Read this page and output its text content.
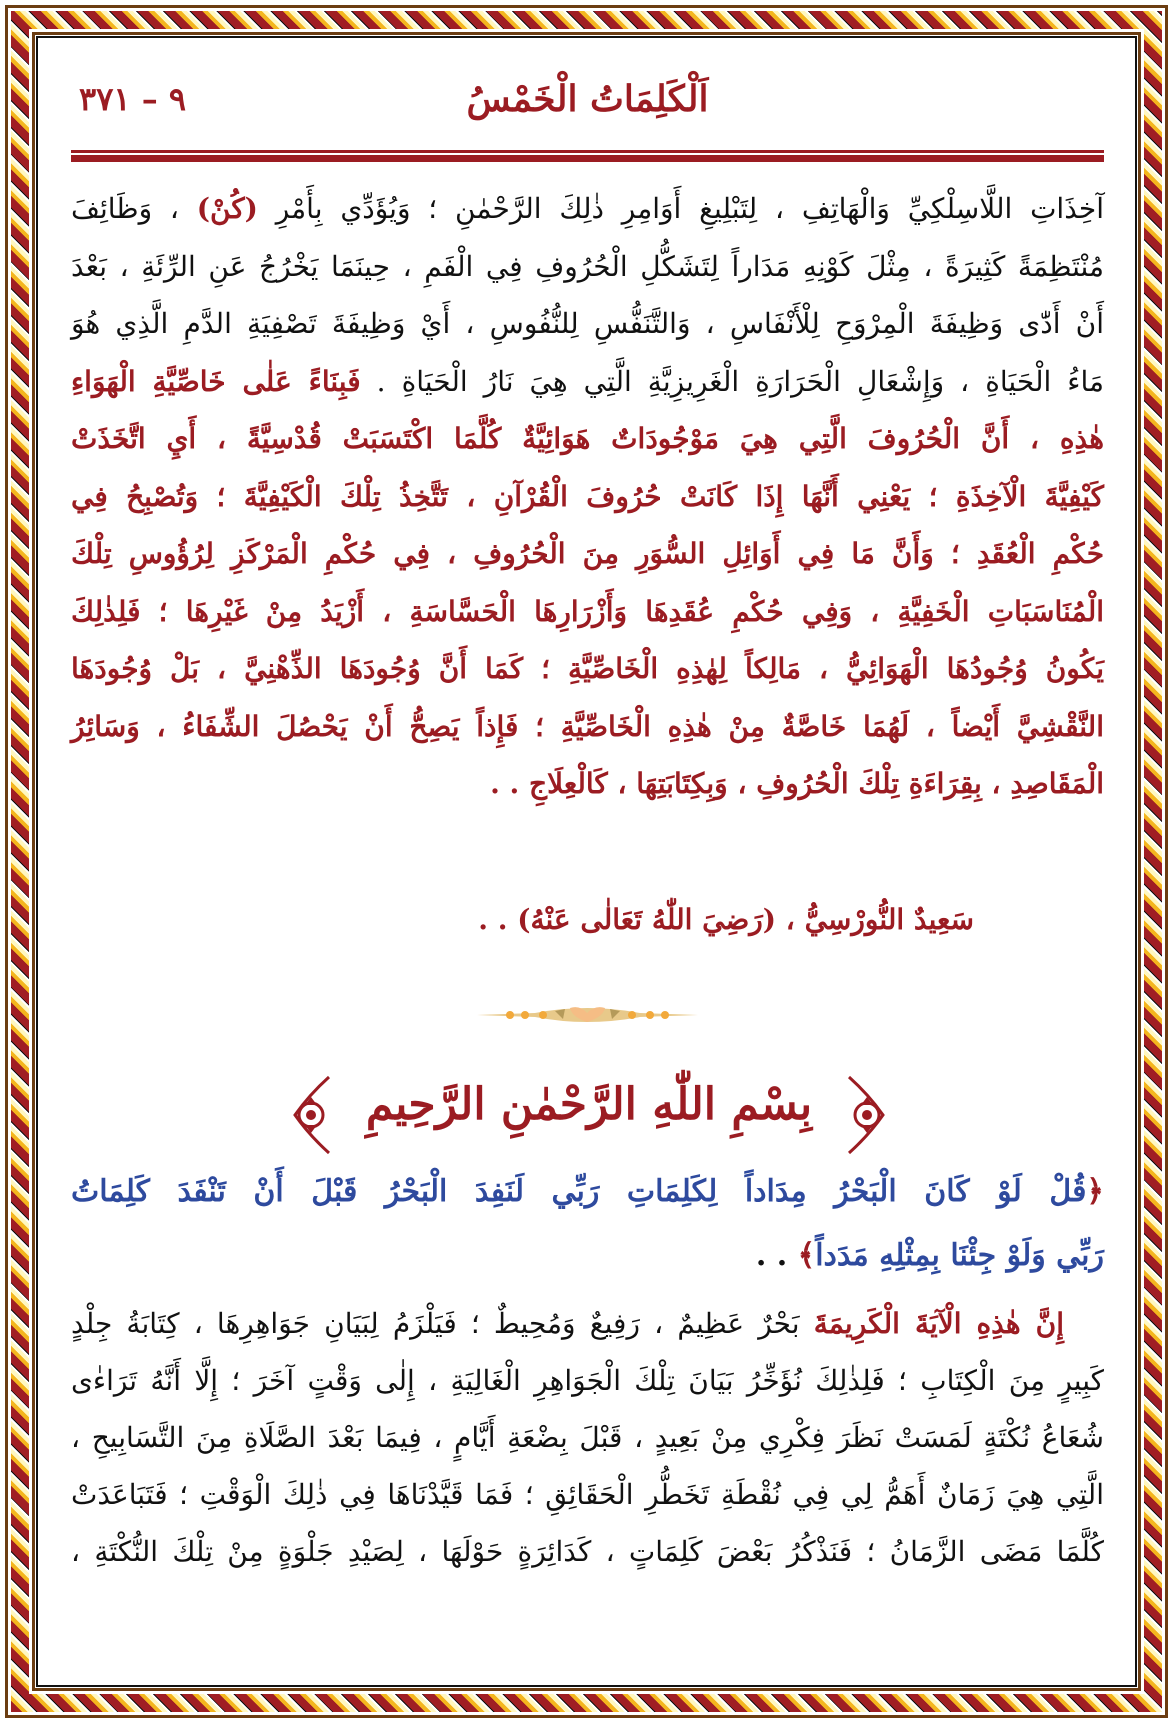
اَلْكَلِمَاتُ الْخَمْسُ
٩ – ٣٧١
آخِذَاتِ اللَّاسِلْكِيِّ وَالْهَاتِفِ ، لِتَبْلِيغِ أَوَامِرِ ذٰلِكَ الرَّحْمٰنِ ؛ وَيُؤَدِّي بِأَمْرِ (كُنْ) ، وَظَائِفَ
مُنْتَظِمَةً كَثِيرَةً ، مِثْلَ كَوْنِهِ مَدَاراً لِتَشَكُّلِ الْحُرُوفِ فِي الْفَمِ ، حِينَمَا يَخْرُجُ عَنِ الرِّئَةِ ، بَعْدَ
أَنْ أَدّٰى وَظِيفَةَ الْمِرْوَحِ لِلْأَنْفَاسِ ، وَالتَّنَفُّسِ لِلنُّفُوسِ ، أَيْ وَظِيفَةَ تَصْفِيَةِ الدَّمِ الَّذِي هُوَ
مَاءُ الْحَيَاةِ ، وَإِشْعَالِ الْحَرَارَةِ الْغَرِيزِيَّةِ الَّتِي هِيَ نَارُ الْحَيَاةِ . فَبِنَاءً عَلٰى خَاصِّيَّةِ الْهَوَاءِ
هٰذِهِ ، أَنَّ الْحُرُوفَ الَّتِي هِيَ مَوْجُودَاتٌ هَوَائِيَّةٌ كُلَّمَا اكْتَسَبَتْ قُدْسِيَّةً ، أَيِ اتَّخَذَتْ
كَيْفِيَّةَ الْآخِذَةِ ؛ يَعْنِي أَنَّهَا إِذَا كَانَتْ حُرُوفَ الْقُرْآنِ ، تَتَّخِذُ تِلْكَ الْكَيْفِيَّةَ ؛ وَتُصْبِحُ فِي
حُكْمِ الْعُقَدِ ؛ وَأَنَّ مَا فِي أَوَائِلِ السُّوَرِ مِنَ الْحُرُوفِ ، فِي حُكْمِ الْمَرْكَزِ لِرُؤُوسِ تِلْكَ
الْمُنَاسَبَاتِ الْخَفِيَّةِ ، وَفِي حُكْمِ عُقَدِهَا وَأَزْرَارِهَا الْحَسَّاسَةِ ، أَزْيَدُ مِنْ غَيْرِهَا ؛ فَلِذٰلِكَ
يَكُونُ وُجُودُهَا الْهَوَائِيُّ ، مَالِكاً لِهٰذِهِ الْخَاصِّيَّةِ ؛ كَمَا أَنَّ وُجُودَهَا الذِّهْنِيَّ ، بَلْ وُجُودَهَا
النَّقْشِيَّ أَيْضاً ، لَهُمَا خَاصَّةٌ مِنْ هٰذِهِ الْخَاصِّيَّةِ ؛ فَإِذاً يَصِحُّ أَنْ يَحْصُلَ الشِّفَاءُ ، وَسَائِرُ
الْمَقَاصِدِ ، بِقِرَاءَةِ تِلْكَ الْحُرُوفِ ، وَبِكِتَابَتِهَا ، كَالْعِلَاجِ . .
سَعِيدٌ النُّورْسِيُّ ، (رَضِيَ اللّٰهُ تَعَالٰى عَنْهُ) . .
بِسْمِ اللّٰهِ الرَّحْمٰنِ الرَّحِيمِ
﴿قُلْ لَوْ كَانَ الْبَحْرُ مِدَاداً لِكَلِمَاتِ رَبِّي لَنَفِدَ الْبَحْرُ قَبْلَ أَنْ تَنْفَدَ كَلِمَاتُ
رَبِّي وَلَوْ جِئْنَا بِمِثْلِهِ مَدَداً﴾ . .
إِنَّ هٰذِهِ الْآيَةَ الْكَرِيمَةَ بَحْرٌ عَظِيمٌ ، رَفِيعٌ وَمُحِيطٌ ؛ فَيَلْزَمُ لِبَيَانِ جَوَاهِرِهَا ، كِتَابَةُ جِلْدٍ
كَبِيرٍ مِنَ الْكِتَابِ ؛ فَلِذٰلِكَ نُؤَخِّرُ بَيَانَ تِلْكَ الْجَوَاهِرِ الْغَالِيَةِ ، إِلٰى وَقْتٍ آخَرَ ؛ إِلَّا أَنَّهُ تَرَاءٰى
شُعَاعُ نُكْتَةٍ لَمَسَتْ نَظَرَ فِكْرِي مِنْ بَعِيدٍ ، قَبْلَ بِضْعَةِ أَيَّامٍ ، فِيمَا بَعْدَ الصَّلَاةِ مِنَ التَّسَابِيحِ ،
الَّتِي هِيَ زَمَانٌ أَهَمُّ لِي فِي نُقْطَةِ تَخَطُّرِ الْحَقَائِقِ ؛ فَمَا قَيَّدْنَاهَا فِي ذٰلِكَ الْوَقْتِ ؛ فَتَبَاعَدَتْ
كُلَّمَا مَضَى الزَّمَانُ ؛ فَنَذْكُرُ بَعْضَ كَلِمَاتٍ ، كَدَائِرَةٍ حَوْلَهَا ، لِصَيْدِ جَلْوَةٍ مِنْ تِلْكَ النُّكْتَةِ ،
